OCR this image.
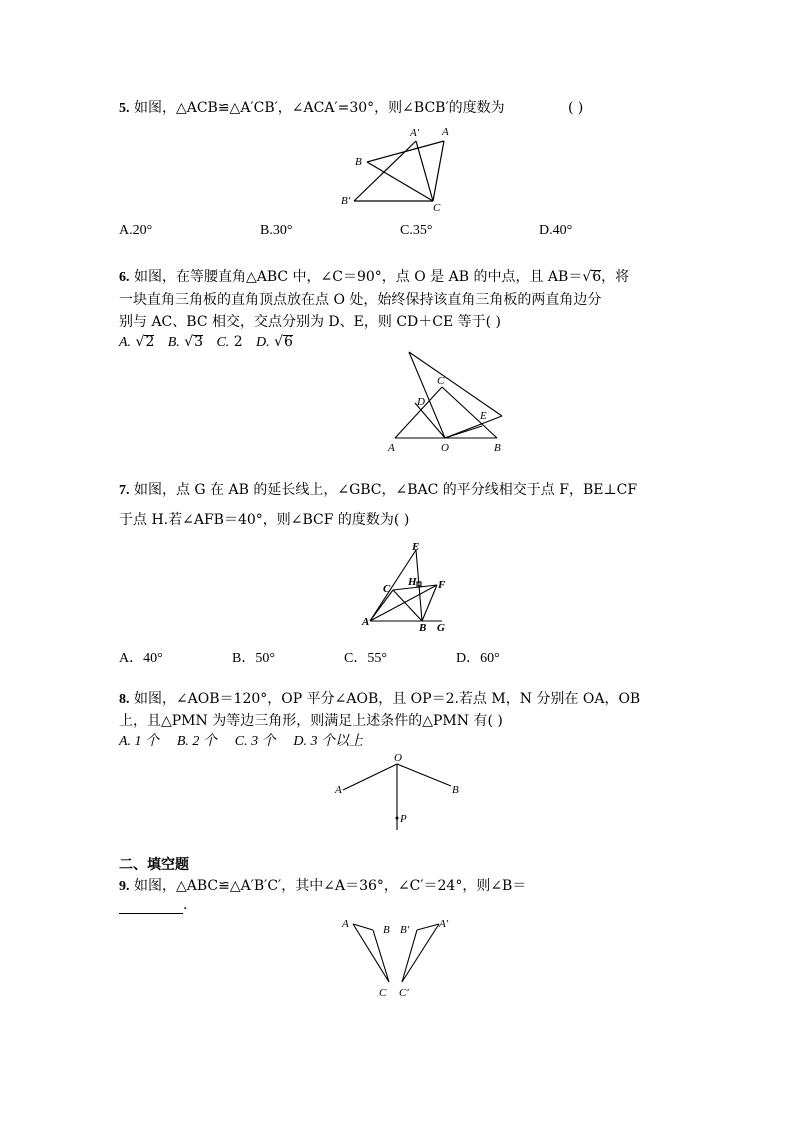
5. 如图，△ACB≌△A′CB′，∠ACA′=30°，则∠BCB′的度数为	( )
A′ A
B
B′
C
A.20°	B.30°	C.35°	D.40°
6. 如图，在等腰直角△ABC 中，∠C＝90°，点 O 是 AB 的中点，且 AB＝√6，将
一块直角三角板的直角顶点放在点 O 处，始终保持该直角三角板的两直角边分
别与 AC、BC 相交，交点分别为 D、E，则 CD＋CE 等于( )
A. √2 B. √3 C. 2 D. √6
C
D
E
A	O	B
7. 如图，点 G 在 AB 的延长线上，∠GBC，∠BAC 的平分线相交于点 F，BE⊥CF
于点 H.若∠AFB＝40°，则∠BCF 的度数为( )
E
C
H F
A	B G
A．40°	B．50°	C．55°	D．60°
8. 如图，∠AOB＝120°，OP 平分∠AOB，且 OP＝2.若点 M，N 分别在 OA，OB
上，且△PMN 为等边三角形，则满足上述条件的△PMN 有( )
A. 1 个 B. 2 个 C. 3 个 D. 3 个以上
O
A	B
P
二、填空题
9. 如图，△ABC≌△A′B′C′，其中∠A＝36°，∠C′＝24°，则∠B＝
.
A	B B′	A′
C C′
